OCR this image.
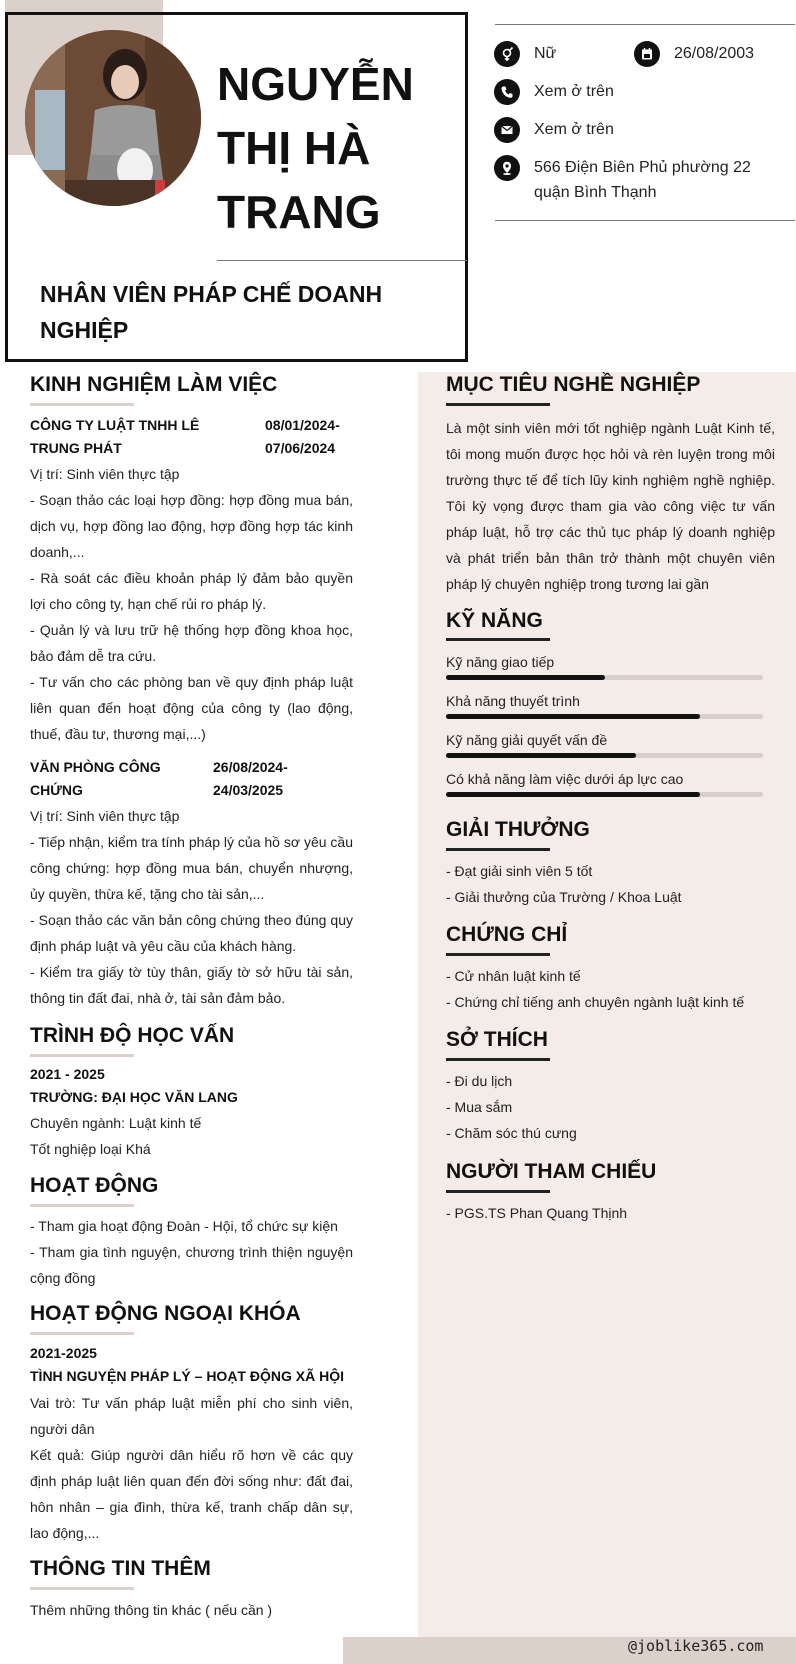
NGUYỄN THỊ HÀ TRANG
NHÂN VIÊN PHÁP CHẾ DOANH NGHIỆP
Nữ	26/08/2003
Xem ở trên
Xem ở trên
566 Điện Biên Phủ phường 22 quận Bình Thạnh
KINH NGHIỆM LÀM VIỆC
CÔNG TY LUẬT TNHH LÊ TRUNG PHÁT
08/01/2024- 07/06/2024
Vị trí: Sinh viên thực tập
- Soạn thảo các loại hợp đồng: hợp đồng mua bán, dịch vụ, hợp đồng lao động, hợp đồng hợp tác kinh doanh,...
- Rà soát các điều khoản pháp lý đảm bảo quyền lợi cho công ty, hạn chế rủi ro pháp lý.
- Quản lý và lưu trữ hệ thống hợp đồng khoa học, bảo đảm dễ tra cứu.
- Tư vấn cho các phòng ban về quy định pháp luật liên quan đến hoạt động của công ty (lao động, thuế, đầu tư, thương mại,...)
VĂN PHÒNG CÔNG CHỨNG
26/08/2024- 24/03/2025
Vị trí: Sinh viên thực tập
- Tiếp nhận, kiểm tra tính pháp lý của hồ sơ yêu cầu công chứng: hợp đồng mua bán, chuyển nhượng, ủy quyền, thừa kế, tặng cho tài sản,...
- Soạn thảo các văn bản công chứng theo đúng quy định pháp luật và yêu cầu của khách hàng.
- Kiểm tra giấy tờ tùy thân, giấy tờ sở hữu tài sản, thông tin đất đai, nhà ở, tài sản đảm bảo.
TRÌNH ĐỘ HỌC VẤN
2021 - 2025
TRƯỜNG: ĐẠI HỌC VĂN LANG
Chuyên ngành: Luật kinh tế
Tốt nghiệp loại Khá
HOẠT ĐỘNG
- Tham gia hoạt động Đoàn - Hội, tổ chức sự kiện
- Tham gia tình nguyện, chương trình thiện nguyện cộng đồng
HOẠT ĐỘNG NGOẠI KHÓA
2021-2025
TÌNH NGUYỆN PHÁP LÝ – HOẠT ĐỘNG XÃ HỘI
Vai trò: Tư vấn pháp luật miễn phí cho sinh viên, người dân
Kết quả: Giúp người dân hiểu rõ hơn về các quy định pháp luật liên quan đến đời sống như: đất đai, hôn nhân – gia đình, thừa kế, tranh chấp dân sự, lao động,...
THÔNG TIN THÊM
Thêm những thông tin khác ( nếu cần )
MỤC TIÊU NGHỀ NGHIỆP
Là một sinh viên mới tốt nghiệp ngành Luật Kinh tế, tôi mong muốn được học hỏi và rèn luyện trong môi trường thực tế để tích lũy kinh nghiệm nghề nghiệp. Tôi kỳ vọng được tham gia vào công việc tư vấn pháp luật, hỗ trợ các thủ tục pháp lý doanh nghiệp và phát triển bản thân trở thành một chuyên viên pháp lý chuyên nghiệp trong tương lai gần
KỸ NĂNG
Kỹ năng giao tiếp
Khả năng thuyết trình
Kỹ năng giải quyết vấn đề
Có khả năng làm việc dưới áp lực cao
GIẢI THƯỞNG
- Đạt giải sinh viên 5 tốt
- Giải thưởng của Trường / Khoa Luật
CHỨNG CHỈ
- Cử nhân luật kinh tế
- Chứng chỉ tiếng anh chuyên ngành luật kinh tế
SỞ THÍCH
- Đi du lịch
- Mua sắm
- Chăm sóc thú cưng
NGƯỜI THAM CHIẾU
- PGS.TS Phan Quang Thịnh
@joblike365.com
